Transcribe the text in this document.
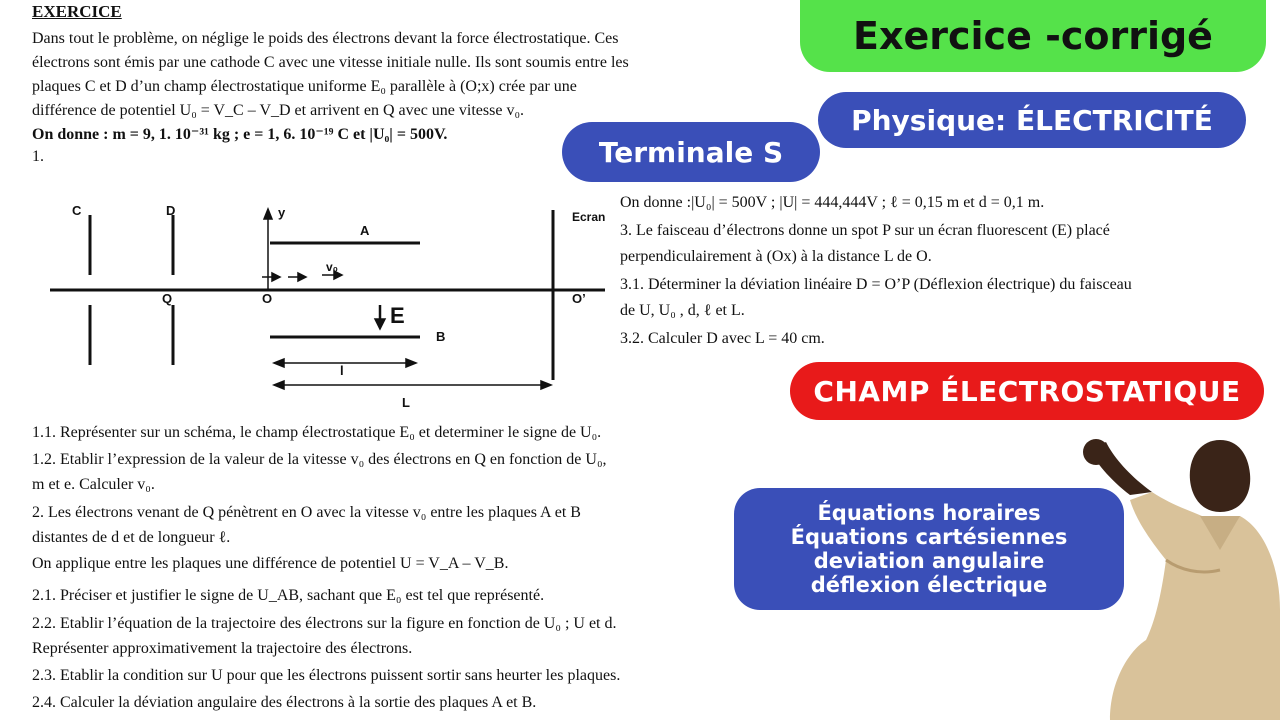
EXERCICE
Dans tout le problème, on néglige le poids des électrons devant la force électrostatique. Ces
électrons sont émis par une cathode C avec une vitesse initiale nulle. Ils sont soumis entre les
plaques C et D d’un champ électrostatique uniforme E₀ parallèle à (O;x) crée par une
différence de potentiel U₀ = V_C – V_D et arrivent en Q avec une vitesse v₀.
On donne : m = 9, 1. 10⁻³¹ kg ; e = 1, 6. 10⁻¹⁹ C et |U₀| = 500V.
1.
On donne :|U₀| = 500V ; |U| = 444,444V ; ℓ = 0,15 m et d = 0,1 m.
3. Le faisceau d’électrons donne un spot P sur un écran fluorescent (E) placé
perpendiculairement à (Ox) à la distance L de O.
3.1. Déterminer la déviation linéaire D = O’P (Déflexion électrique) du faisceau
de U, U₀ , d, ℓ et L.
3.2. Calculer D avec L = 40 cm.
C	D
Q	O	O’
y
A
B
E
l
L
Ecran
v₀
1.1. Représenter sur un schéma, le champ électrostatique E₀ et determiner le signe de U₀.
1.2. Etablir l’expression de la valeur de la vitesse v₀ des électrons en Q en fonction de U₀,
m et e. Calculer v₀.
2. Les électrons venant de Q pénètrent en O avec la vitesse v₀ entre les plaques A et B
distantes de d et de longueur ℓ.
On applique entre les plaques une différence de potentiel U = V_A – V_B.
2.1. Préciser et justifier le signe de U_AB, sachant que E₀ est tel que représenté.
2.2. Etablir l’équation de la trajectoire des électrons sur la figure en fonction de U₀ ; U et d.
Représenter approximativement la trajectoire des électrons.
2.3. Etablir la condition sur U pour que les électrons puissent sortir sans heurter les plaques.
2.4. Calculer la déviation angulaire des électrons à la sortie des plaques A et B.
Exercice -corrigé
Physique: ÉLECTRICITÉ
Terminale S
CHAMP ÉLECTROSTATIQUE
Équations horaires
Équations cartésiennes
deviation angulaire
déflexion électrique
